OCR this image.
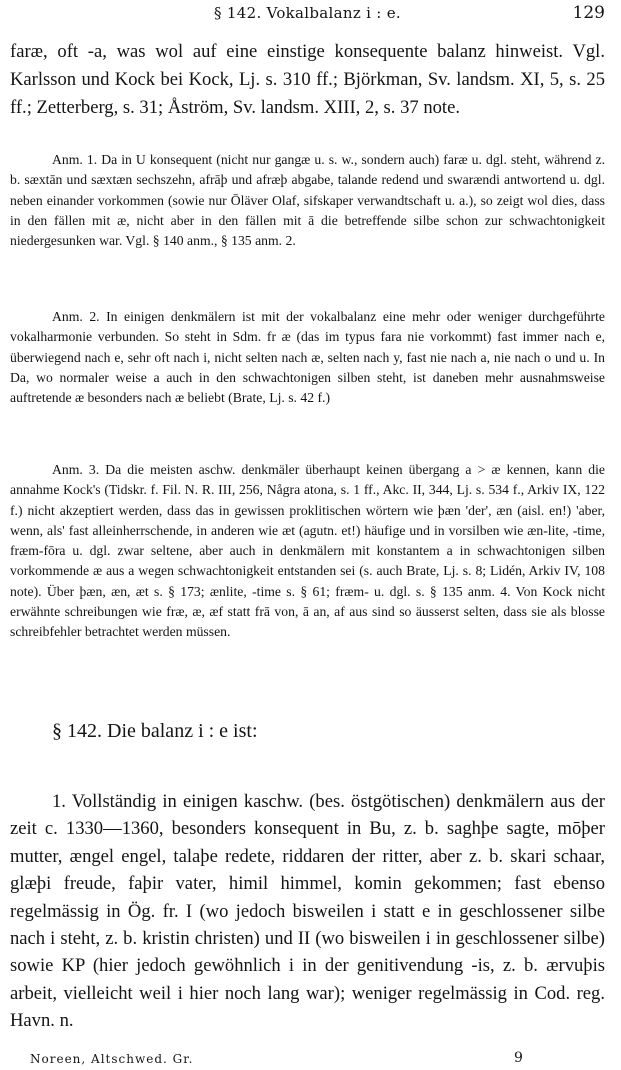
§ 142. Vokalbalanz i : e.	129

faræ, oft -a, was wol auf eine einstige konsequente balanz hinweist. Vgl. Karlsson und Kock bei Kock, Lj. s. 310 ff.; Björkman, Sv. landsm. XI, 5, s. 25 ff.; Zetterberg, s. 31; Åström, Sv. landsm. XIII, 2, s. 37 note.

Anm. 1. Da in U konsequent (nicht nur gangæ u. s. w., sondern auch) faræ u. dgl. steht, während z. b. sæxtān und sæxtæn sechszehn, afrāþ und afræþ abgabe, talande redend und swarændi antwortend u. dgl. neben einander vorkommen (sowie nur Ōläver Olaf, sifskaper verwandtschaft u. a.), so zeigt wol dies, dass in den fällen mit æ, nicht aber in den fällen mit ā die betreffende silbe schon zur schwachtonigkeit niedergesunken war. Vgl. § 140 anm., § 135 anm. 2.

Anm. 2. In einigen denkmälern ist mit der vokalbalanz eine mehr oder weniger durchgeführte vokalharmonie verbunden. So steht in Sdm. fr æ (das im typus fara nie vorkommt) fast immer nach e, überwiegend nach e, sehr oft nach i, nicht selten nach æ, selten nach y, fast nie nach a, nie nach o und u. In Da, wo normaler weise a auch in den schwachtonigen silben steht, ist daneben mehr ausnahmsweise auftretende æ besonders nach æ beliebt (Brate, Lj. s. 42 f.)

Anm. 3. Da die meisten aschw. denkmäler überhaupt keinen übergang a > æ kennen, kann die annahme Kock's (Tidskr. f. Fil. N. R. III, 256, Några atona, s. 1 ff., Akc. II, 344, Lj. s. 534 f., Arkiv IX, 122 f.) nicht akzeptiert werden, dass das in gewissen proklitischen wörtern wie þæn 'der', æn (aisl. en!) 'aber, wenn, als' fast alleinherrschende, in anderen wie æt (agutn. et!) häufige und in vorsilben wie æn-lite, -time, fræm-fōra u. dgl. zwar seltene, aber auch in denkmälern mit konstantem a in schwachtonigen silben vorkommende æ aus a wegen schwachtonigkeit entstanden sei (s. auch Brate, Lj. s. 8; Lidén, Arkiv IV, 108 note). Über þæn, æn, æt s. § 173; ænlite, -time s. § 61; fræm- u. dgl. s. § 135 anm. 4. Von Kock nicht erwähnte schreibungen wie fræ, æ, æf statt frā von, ā an, af aus sind so äusserst selten, dass sie als blosse schreibfehler betrachtet werden müssen.

§ 142. Die balanz i : e ist:

1. Vollständig in einigen kaschw. (bes. östgötischen) denkmälern aus der zeit c. 1330—1360, besonders konsequent in Bu, z. b. saghþe sagte, mōþer mutter, ængel engel, talaþe redete, riddaren der ritter, aber z. b. skari schaar, glæþi freude, faþir vater, himil himmel, komin gekommen; fast ebenso regelmässig in Ög. fr. I (wo jedoch bisweilen i statt e in geschlossener silbe nach i steht, z. b. kristin christen) und II (wo bisweilen i in geschlossener silbe) sowie KP (hier jedoch gewöhnlich i in der genitivendung -is, z. b. ærvuþis arbeit, vielleicht weil i hier noch lang war); weniger regelmässig in Cod. reg. Havn. n.

Noreen, Altschwed. Gr.	9
